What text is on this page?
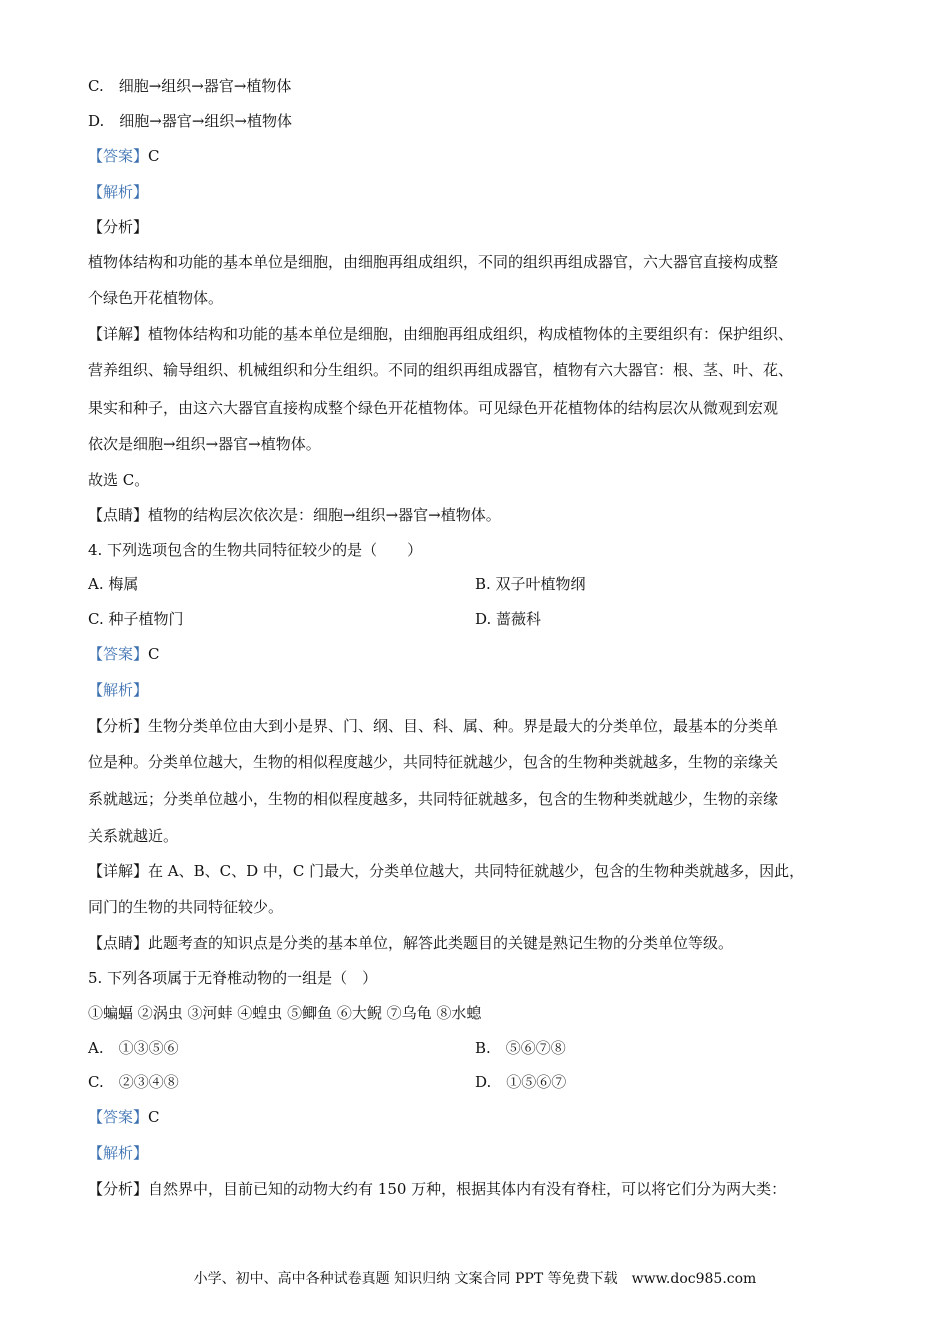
C.　细胞→组织→器官→植物体
D.　细胞→器官→组织→植物体
【答案】C
【解析】
【分析】
植物体结构和功能的基本单位是细胞，由细胞再组成组织，不同的组织再组成器官，六大器官直接构成整
个绿色开花植物体。
【详解】植物体结构和功能的基本单位是细胞，由细胞再组成组织，构成植物体的主要组织有：保护组织、
营养组织、输导组织、机械组织和分生组织。不同的组织再组成器官，植物有六大器官：根、茎、叶、花、
果实和种子，由这六大器官直接构成整个绿色开花植物体。可见绿色开花植物体的结构层次从微观到宏观
依次是细胞→组织→器官→植物体。
故选 C。
【点睛】植物的结构层次依次是：细胞→组织→器官→植物体。
4. 下列选项包含的生物共同特征较少的是（　　）
A. 梅属	B. 双子叶植物纲
C. 种子植物门	D. 蔷薇科
【答案】C
【解析】
【分析】生物分类单位由大到小是界、门、纲、目、科、属、种。界是最大的分类单位，最基本的分类单
位是种。分类单位越大，生物的相似程度越少，共同特征就越少，包含的生物种类就越多，生物的亲缘关
系就越远；分类单位越小，生物的相似程度越多，共同特征就越多，包含的生物种类就越少，生物的亲缘
关系就越近。
【详解】在 A、B、C、D 中，C 门最大，分类单位越大，共同特征就越少，包含的生物种类就越多，因此，
同门的生物的共同特征较少。
【点睛】此题考查的知识点是分类的基本单位，解答此类题目的关键是熟记生物的分类单位等级。
5. 下列各项属于无脊椎动物的一组是（　）
①蝙蝠 ②涡虫 ③河蚌 ④蝗虫 ⑤鲫鱼 ⑥大鲵 ⑦乌龟 ⑧水螅
A.　①③⑤⑥	B.　⑤⑥⑦⑧
C.　②③④⑧	D.　①⑤⑥⑦
【答案】C
【解析】
【分析】自然界中，目前已知的动物大约有 150 万种，根据其体内有没有脊柱，可以将它们分为两大类：
小学、初中、高中各种试卷真题 知识归纳 文案合同 PPT 等免费下载　www.doc985.com
